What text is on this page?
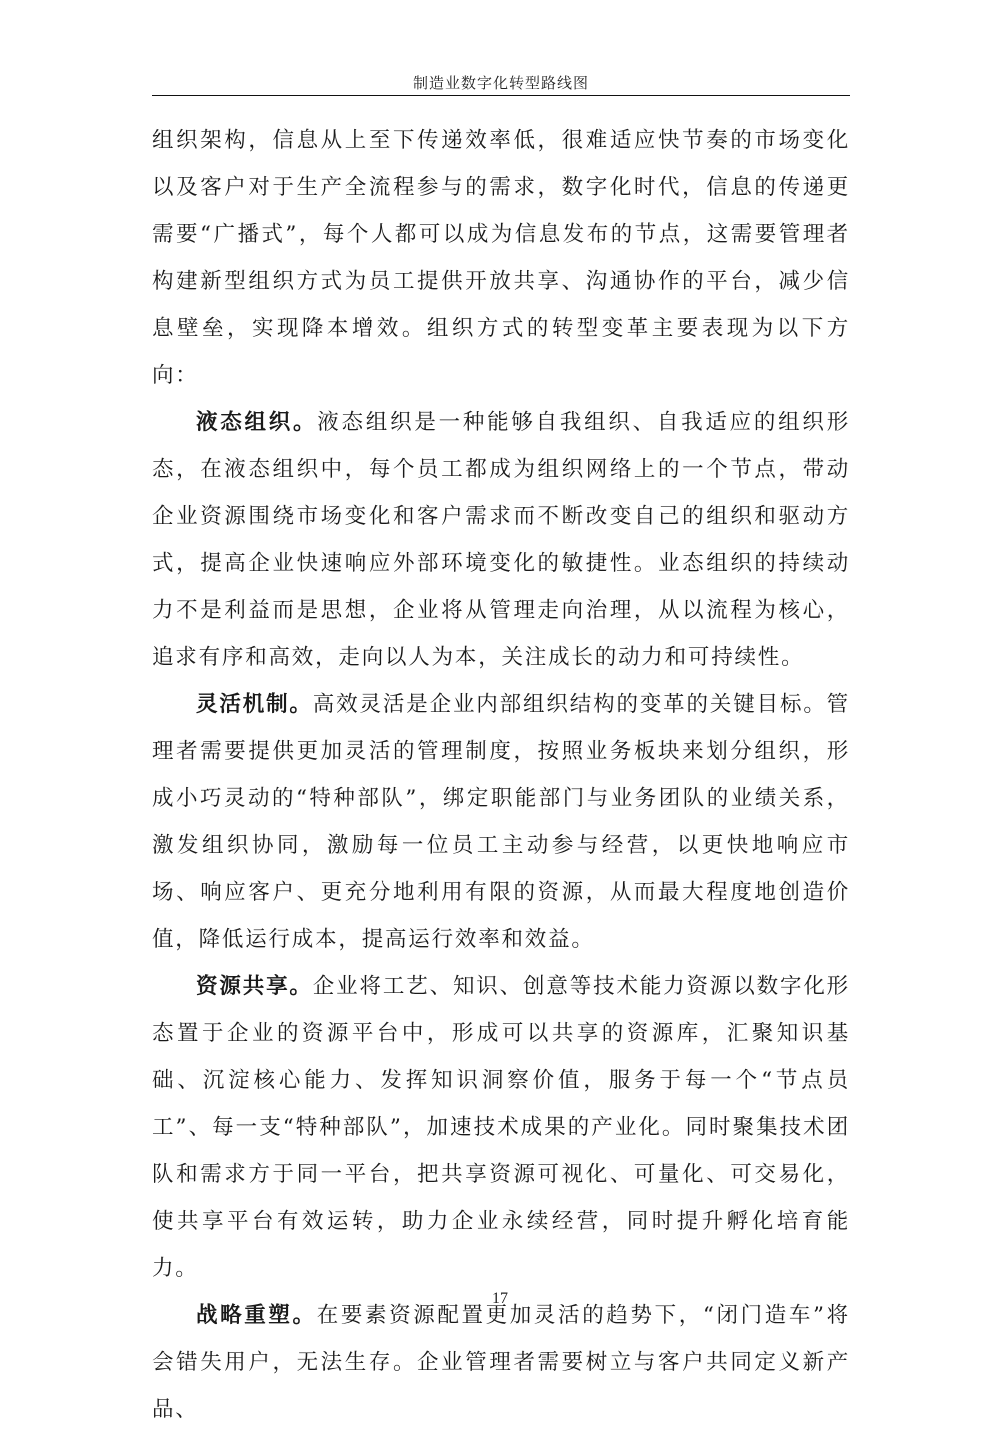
制造业数字化转型路线图

组织架构，信息从上至下传递效率低，很难适应快节奏的市场变化以及客户对于生产全流程参与的需求，数字化时代，信息的传递更需要“广播式”，每个人都可以成为信息发布的节点，这需要管理者构建新型组织方式为员工提供开放共享、沟通协作的平台，减少信息壁垒，实现降本增效。组织方式的转型变革主要表现为以下方向：

液态组织。液态组织是一种能够自我组织、自我适应的组织形态，在液态组织中，每个员工都成为组织网络上的一个节点，带动企业资源围绕市场变化和客户需求而不断改变自己的组织和驱动方式，提高企业快速响应外部环境变化的敏捷性。业态组织的持续动力不是利益而是思想，企业将从管理走向治理，从以流程为核心，追求有序和高效，走向以人为本，关注成长的动力和可持续性。

灵活机制。高效灵活是企业内部组织结构的变革的关键目标。管理者需要提供更加灵活的管理制度，按照业务板块来划分组织，形成小巧灵动的“特种部队”，绑定职能部门与业务团队的业绩关系，激发组织协同，激励每一位员工主动参与经营，以更快地响应市场、响应客户、更充分地利用有限的资源，从而最大程度地创造价值，降低运行成本，提高运行效率和效益。

资源共享。企业将工艺、知识、创意等技术能力资源以数字化形态置于企业的资源平台中，形成可以共享的资源库，汇聚知识基础、沉淀核心能力、发挥知识洞察价值，服务于每一个“节点员工”、每一支“特种部队”，加速技术成果的产业化。同时聚集技术团队和需求方于同一平台，把共享资源可视化、可量化、可交易化，使共享平台有效运转，助力企业永续经营，同时提升孵化培育能力。

战略重塑。在要素资源配置更加灵活的趋势下，“闭门造车”将会错失用户，无法生存。企业管理者需要树立与客户共同定义新产品、

17
